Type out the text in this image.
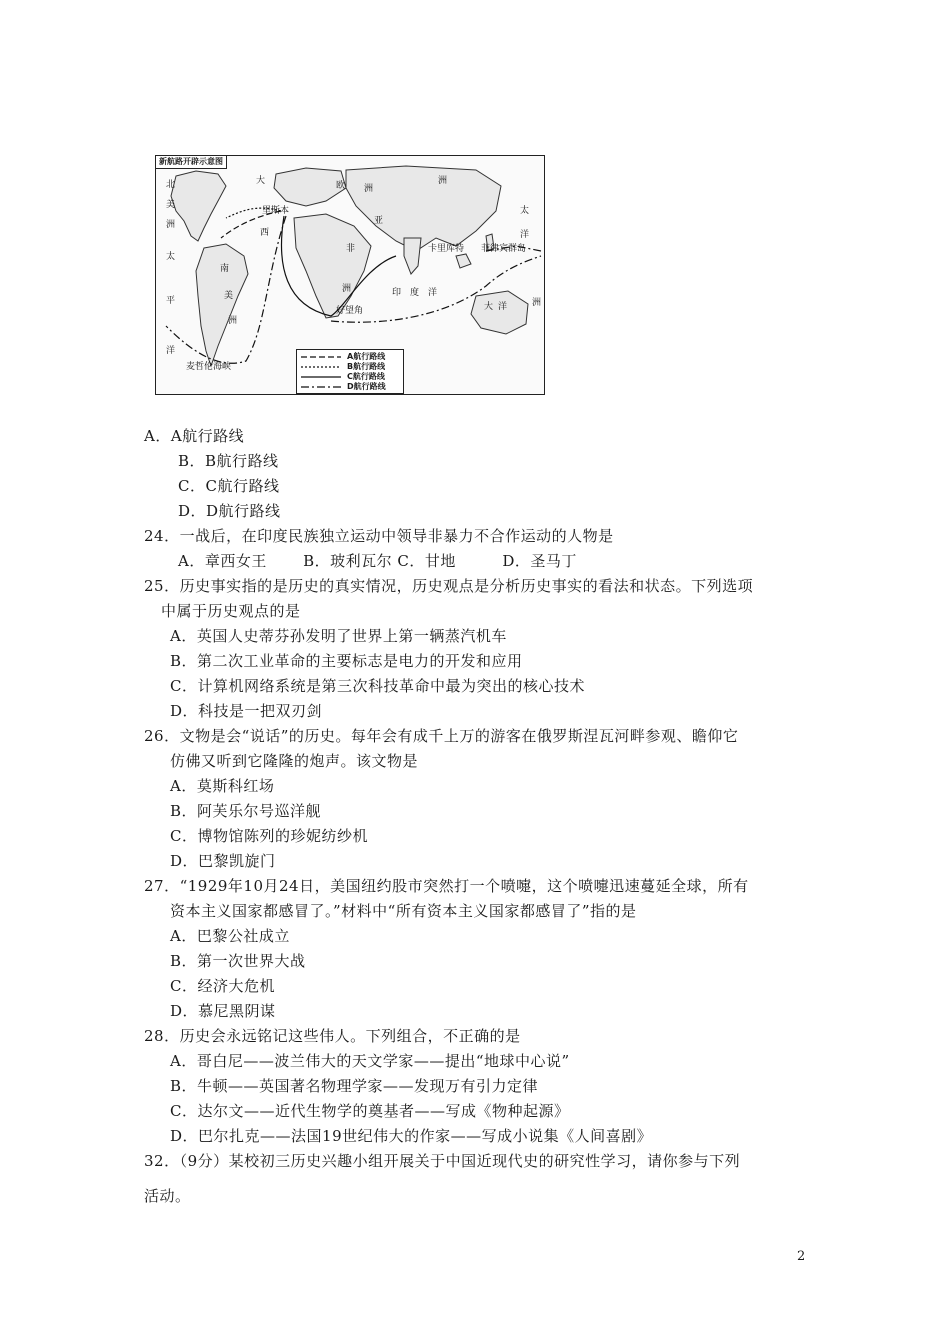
新航路开辟示意图
北
美
洲
太
平
洋
大
西
南
美
洲
欧 洲
亚
非
洲
里斯本
卡里库特 菲律宾群岛
洲
太
洋
洲
印　度　洋
大 洋
好望角
麦哲伦海峡
A航行路线
B航行路线
C航行路线
D航行路线
A．A航行路线
B．B航行路线
C．C航行路线
D．D航行路线
24．一战后，在印度民族独立运动中领导非暴力不合作运动的人物是
A．章西女王　　 B．玻利瓦尔 C．甘地　　　D．圣马丁
25．历史事实指的是历史的真实情况，历史观点是分析历史事实的看法和状态。下列选项
中属于历史观点的是
A．英国人史蒂芬孙发明了世界上第一辆蒸汽机车
B．第二次工业革命的主要标志是电力的开发和应用
C．计算机网络系统是第三次科技革命中最为突出的核心技术
D．科技是一把双刃剑
26．文物是会“说话”的历史。每年会有成千上万的游客在俄罗斯涅瓦河畔参观、瞻仰它
仿佛又听到它隆隆的炮声。该文物是
A．莫斯科红场
B．阿芙乐尔号巡洋舰
C．博物馆陈列的珍妮纺纱机
D．巴黎凯旋门
27．“1929年10月24日，美国纽约股市突然打一个喷嚏，这个喷嚏迅速蔓延全球，所有
资本主义国家都感冒了。”材料中“所有资本主义国家都感冒了”指的是
A．巴黎公社成立
B．第一次世界大战
C．经济大危机
D．慕尼黑阴谋
28．历史会永远铭记这些伟人。下列组合，不正确的是
A．哥白尼——波兰伟大的天文学家——提出“地球中心说”
B．牛顿——英国著名物理学家——发现万有引力定律
C．达尔文——近代生物学的奠基者——写成《物种起源》
D．巴尔扎克——法国19世纪伟大的作家——写成小说集《人间喜剧》
32．（9分）某校初三历史兴趣小组开展关于中国近现代史的研究性学习，请你参与下列
活动。
2
